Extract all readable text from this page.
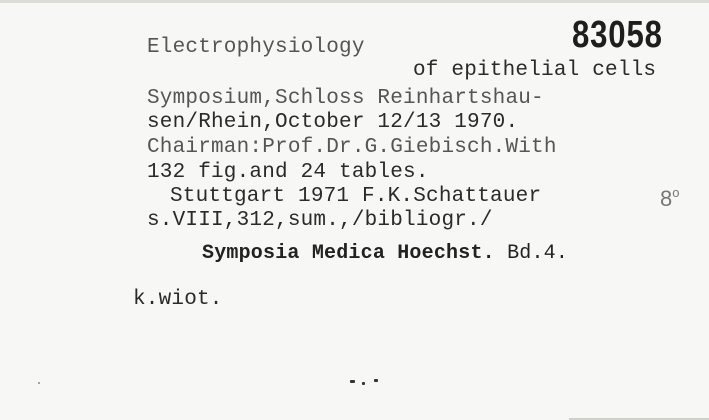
83058
Electrophysiology
of epithelial cells
Symposium,Schloss Reinhartshau-
sen/Rhein,October 12/13 1970.
Chairman:Prof.Dr.G.Giebisch.With
132 fig.and 24 tables.
Stuttgart 1971 F.K.Schattauer	8$^o$
s.VIII,312,sum.,/bibliogr./
Symposia Medica Hoechst. Bd.4.
k.wiot.
